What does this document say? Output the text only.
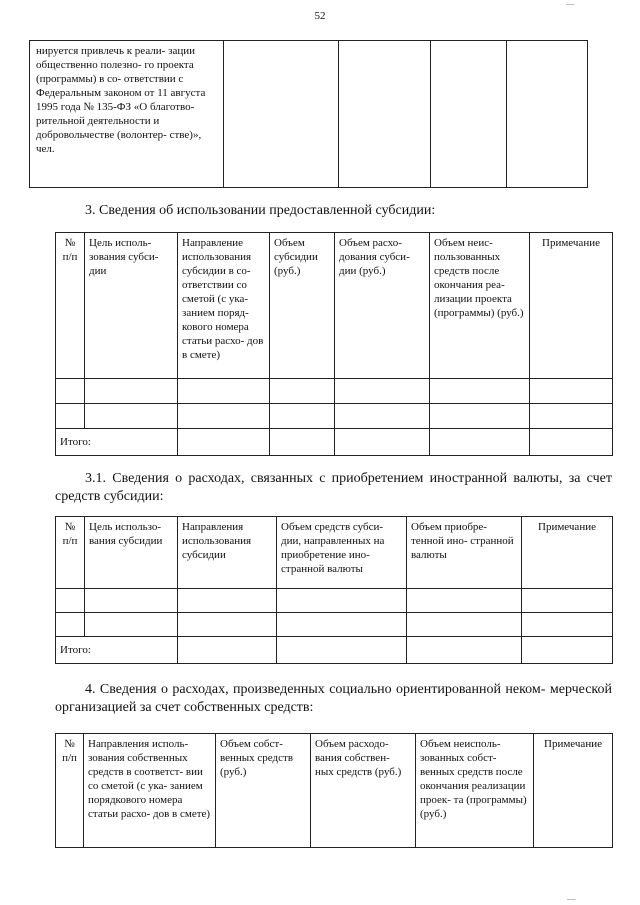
──
52
нируется привлечь к реали- зации общественно полезно- го проекта (программы) в со- ответствии с Федеральным законом от 11 августа 1995 года № 135-ФЗ «О благотво- рительной деятельности и добровольчестве (волонтер- стве)», чел.				
3. Сведения об использовании предоставленной субсидии:
№ п/п	Цель исполь- зования субси- дии	Направление использования субсидии в со- ответствии со сметой (с ука- занием поряд- кового номера статьи расхо- дов в смете)	Объем субсидии (руб.)	Объем расхо- дования субси- дии (руб.)	Объем неис- пользованных средств после окончания реа- лизации проекта (программы) (руб.)	Примечание

Итого:						
3.1. Сведения о расходах, связанных с приобретением иностранной валюты, за счет средств субсидии:
№ п/п	Цель использо- вания субсидии	Направления использования субсидии	Объем средств субси- дии, направленных на приобретение ино- странной валюты	Объем приобре- тенной ино- странной валюты	Примечание

Итого:					
4. Сведения о расходах, произведенных социально ориентированной неком- мерческой организацией за счет собственных средств:
№ п/п	Направления исполь- зования собственных средств в соответст- вии со сметой (с ука- занием порядкового номера статьи расхо- дов в смете)	Объем собст- венных средств (руб.)	Объем расходо- вания собствен- ных средств (руб.)	Объем неисполь- зованных собст- венных средств после окончания реализации проек- та (программы) (руб.)	Примечание
──
